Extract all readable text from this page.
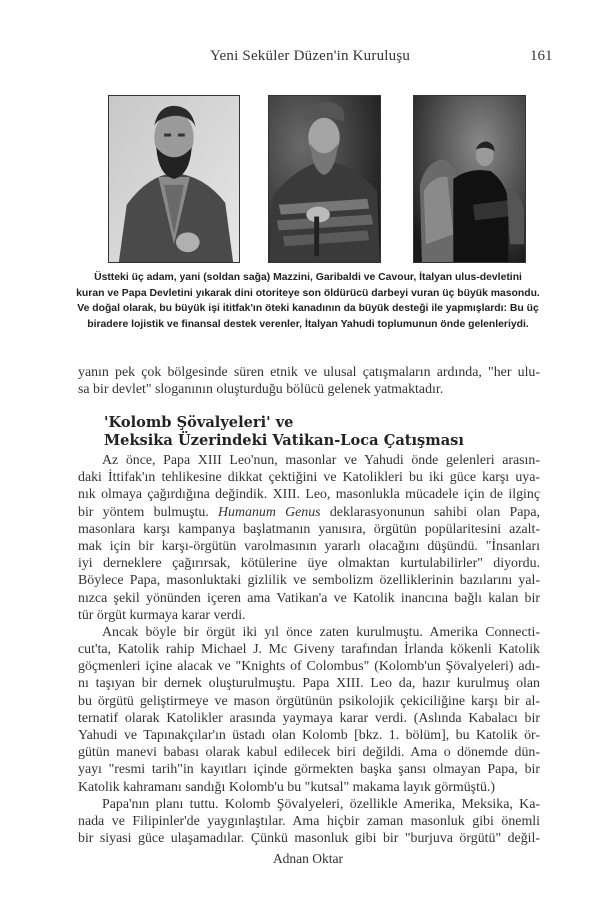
Yeni Seküler Düzen'in Kuruluşu	161
Üstteki üç adam, yani (soldan sağa) Mazzini, Garibaldi ve Cavour, İtalyan ulus-devletini
kuran ve Papa Devletini yıkarak dini otoriteye son öldürücü darbeyi vuran üç büyük masondu.
Ve doğal olarak, bu büyük işi ititfak'ın öteki kanadının da büyük desteği ile yapmışlardı: Bu üç
biradere lojistik ve finansal destek verenler, İtalyan Yahudi toplumunun önde gelenleriydi.
yanın pek çok bölgesinde süren etnik ve ulusal çatışmaların ardında, "her ulu-
sa bir devlet" sloganının oluşturduğu bölücü gelenek yatmaktadır.
'Kolomb Şövalyeleri' ve
Meksika Üzerindeki Vatikan-Loca Çatışması
Az önce, Papa XIII Leo'nun, masonlar ve Yahudi önde gelenleri arasın-
daki İttifak'ın tehlikesine dikkat çektiğini ve Katolikleri bu iki güce karşı uya-
nık olmaya çağırdığına değindik. XIII. Leo, masonlukla mücadele için de ilginç
bir yöntem bulmuştu. Humanum Genus deklarasyonunun sahibi olan Papa,
masonlara karşı kampanya başlatmanın yanısıra, örgütün popülaritesini azalt-
mak için bir karşı-örgütün varolmasının yararlı olacağını düşündü. "İnsanları
iyi derneklere çağırırsak, kötülerine üye olmaktan kurtulabilirler" diyordu.
Böylece Papa, masonluktaki gizlilik ve sembolizm özelliklerinin bazılarını yal-
nızca şekil yönünden içeren ama Vatikan'a ve Katolik inancına bağlı kalan bir
tür örgüt kurmaya karar verdi.
Ancak böyle bir örgüt iki yıl önce zaten kurulmuştu. Amerika Connecti-
cut'ta, Katolik rahip Michael J. Mc Giveny tarafından İrlanda kökenli Katolik
göçmenleri içine alacak ve "Knights of Colombus" (Kolomb'un Şövalyeleri) adı-
nı taşıyan bir dernek oluşturulmuştu. Papa XIII. Leo da, hazır kurulmuş olan
bu örgütü geliştirmeye ve mason örgütünün psikolojik çekiciliğine karşı bir al-
ternatif olarak Katolikler arasında yaymaya karar verdi. (Aslında Kabalacı bir
Yahudi ve Tapınakçılar'ın üstadı olan Kolomb [bkz. 1. bölüm], bu Katolik ör-
gütün manevi babası olarak kabul edilecek biri değildi. Ama o dönemde dün-
yayı "resmi tarih"in kayıtları içinde görmekten başka şansı olmayan Papa, bir
Katolik kahramanı sandığı Kolomb'u bu "kutsal" makama layık görmüştü.)
Papa'nın planı tuttu. Kolomb Şövalyeleri, özellikle Amerika, Meksika, Ka-
nada ve Filipinler'de yaygınlaştılar. Ama hiçbir zaman masonluk gibi önemli
bir siyasi güce ulaşamadılar. Çünkü masonluk gibi bir "burjuva örgütü" değil-
Adnan Oktar
